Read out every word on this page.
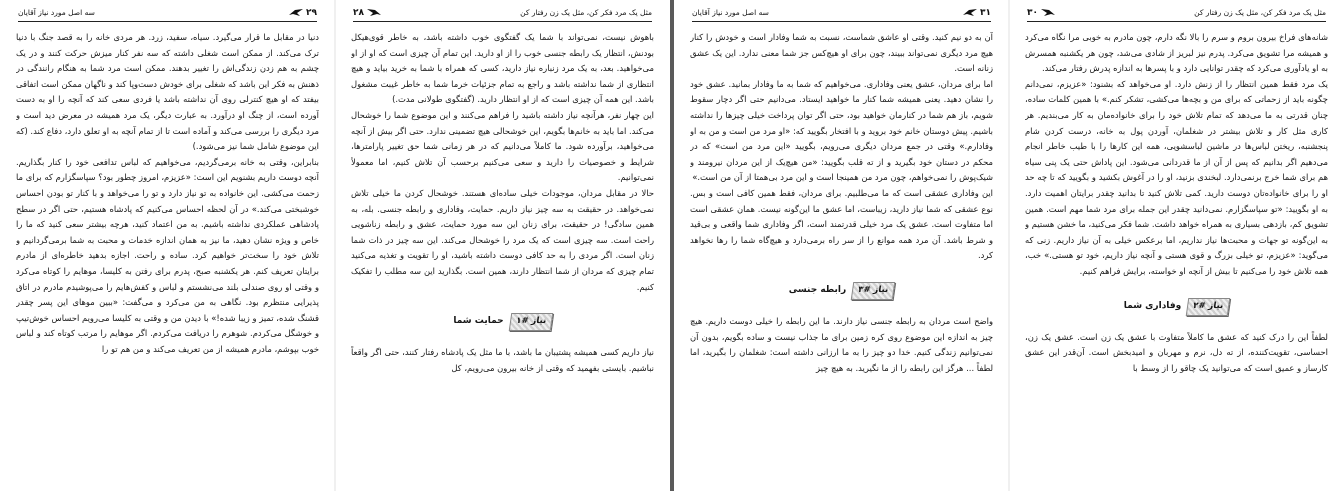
سه اصل مورد نیاز آقایان	۲۹

دنیا در مقابل ما قرار می‌گیرد. سیاه، سفید، زرد. هر مردی خانه را به قصد جنگ با دنیا ترک می‌کند. از ممکن است شغلی داشته که سه نفر کنار میزش حرکت کنند و در یک چشم به هم زدن زندگی‌اش را تغییر بدهند. ممکن است مرد شما به هنگام رانندگی در ذهنش به فکر این باشد که شغلی برای خودش دست‌وپا کند و ناگهان ممکن است اتفاقی بیفتد که او هیچ کنترلی روی آن نداشته باشد یا فردی سعی کند که آنچه را او به دست آورده است، از چنگ او درآورد. به عبارت دیگر، یک مرد همیشه در معرض دید است و مرد دیگری را بررسی می‌کند و آماده است تا از تمام آنچه به او تعلق دارد، دفاع کند. (که این موضوع شامل شما نیز می‌شود.)

بنابراین، وقتی به خانه برمی‌گردیم، می‌خواهیم که لباس تدافعی خود را کنار بگذاریم. آنچه دوست داریم بشنویم این است: «عزیزم، امروز چطور بود؟ سپاسگزارم که برای ما زحمت می‌کشی. این خانواده به تو نیاز دارد و تو را می‌خواهد و با کنار تو بودن احساس خوشبختی می‌کند.» در آن لحظه احساس می‌کنیم که پادشاه هستیم، حتی اگر در سطح پادشاهی عملکردی نداشته باشیم. به من اعتماد کنید، هرچه بیشتر سعی کنید که ما را خاص و ویژه نشان دهید، ما نیز به همان اندازه خدمات و محبت به شما برمی‌گردانیم و تلاش خود را سخت‌تر خواهیم کرد. ساده و راحت. اجازه بدهید خاطره‌ای از مادرم برایتان تعریف کنم. هر یکشنبه صبح، پدرم برای رفتن به کلیسا، موهایم را کوتاه می‌کرد و وقتی او روی صندلی بلند می‌نشستم و لباس و کفش‌هایم را می‌پوشیدم مادرم در اتاق پذیرایی منتظرم بود. نگاهی به من می‌کرد و می‌گفت: «ببین موهای این پسر چقدر قشنگ شده، تمیز و زیبا شده!» با دیدن من و وقتی به کلیسا می‌رویم احساس خوش‌تیپ و خوشگل می‌کردم. شوهرم را دریافت می‌کردم. اگر موهایم را مرتب کوتاه کند و لباس خوب بپوشم، مادرم همیشه از من تعریف می‌کند و من هم تو را

۲۸	مثل یک مرد فکر کن، مثل یک زن رفتار کن

باهوش نیست، نمی‌تواند با شما یک گفتگوی خوب داشته باشد، به خاطر قوی‌هیکل بودنش، انتظار یک رابطه جنسی خوب را از او دارید. این تمام آن چیزی است که او از او می‌خواهید. بعد، به یک مرد زنباره نیاز دارید، کسی که همراه با شما به خرید بیاید و هیچ انتظاری از شما نداشته باشد و راجع به تمام جزئیات خرما شما به خاطر غیبت مشغول باشد. این همه آن چیزی است که از او انتظار دارید. (گفتگوی طولانی مدت.)

این چهار نفر، هرآنچه نیاز داشته باشید را فراهم می‌کنند و این موضوع شما را خوشحال می‌کند. اما باید به خانم‌ها بگویم، این خوشحالی هیچ تضمینی ندارد. حتی اگر بیش از آنچه می‌خواهید، برآورده شود. ما کاملاً می‌دانیم که در هر زمانی شما حق تغییر پارامترها، شرایط و خصوصیات را دارید و سعی می‌کنیم برحسب آن تلاش کنیم، اما معمولاً نمی‌توانیم.

حالا در مقابل مردان، موجودات خیلی ساده‌ای هستند. خوشحال کردن ما خیلی تلاش نمی‌خواهد. در حقیقت به سه چیز نیاز داریم. حمایت، وفاداری و رابطه جنسی. بله، به همین سادگی! در حقیقت، برای زنان این سه مورد حمایت، عشق و رابطه زناشویی راحت است. سه چیزی است که یک مرد را خوشحال می‌کند. این سه چیز در ذات شما زنان است. اگر مردی را به حد کافی دوست داشته باشید، او را تقویت و تغذیه می‌کنید تمام چیزی که مردان از شما انتظار دارند، همین است. بگذارید این سه مطلب را تفکیک کنیم.

نیاز #۱
حمایت شما

نیاز داریم کسی همیشه پشتیبان ما باشد، با ما مثل یک پادشاه رفتار کنند، حتی اگر واقعاً نباشیم. بایستی بفهمید که وقتی از خانه بیرون می‌رویم، کل

سه اصل مورد نیاز آقایان	۳۱

آن به دو نیم کنید. وقتی او عاشق شماست، نسبت به شما وفادار است و خودش را کنار هیچ مرد دیگری نمی‌تواند ببیند، چون برای او هیچ‌کس جز شما معنی ندارد. این یک عشق زنانه است.

اما برای مردان، عشق یعنی وفاداری. می‌خواهیم که شما به ما وفادار بمانید. عشق خود را نشان دهید. یعنی همیشه شما کنار ما خواهید ایستاد. می‌دانیم حتی اگر دچار سقوط شویم، باز هم شما در کنارمان خواهید بود، حتی اگر توان پرداخت خیلی چیزها را نداشته باشیم. پیش دوستان خانم خود بروید و با افتخار بگویید که: «او مرد من است و من به او وفادارم.» وقتی در جمع مردان دیگری می‌رویم، بگویید «این مرد من است» که در محکم در دستان خود بگیرید و از ته قلب بگویید: «من هیچ‌یک از این مردان نیرومند و شیک‌پوش را نمی‌خواهم، چون مرد من همینجا است و این مرد بی‌همتا از آن من است.»

این وفاداری عشقی است که ما می‌طلبیم. برای مردان، فقط همین کافی است و بس. نوع عشقی که شما نیاز دارید، زیباست، اما عشق ما این‌گونه نیست. همان عشقی است اما متفاوت است. عشق یک مرد خیلی قدرتمند است، اگر وفاداری شما واقعی و بی‌قید و شرط باشد. آن مرد همه موانع را از سر راه برمی‌دارد و هیچ‌گاه شما را رها نخواهد کرد.

نیاز #۳
رابطه جنسی

واضح است مردان به رابطه جنسی نیاز دارند. ما این رابطه را خیلی دوست داریم. هیچ چیز به اندازه این موضوع روی کره زمین برای ما جذاب نیست و ساده بگویم، بدون آن نمی‌توانیم زندگی کنیم. خدا دو چیز را به ما ارزانی داشته است: شغلمان را بگیرید، اما لطفاً ... هرگز این رابطه را از ما نگیرید. به هیچ چیز

۳۰	مثل یک مرد فکر کن، مثل یک زن رفتار کن

شانه‌های فراخ بیرون بروم و سرم را بالا نگه دارم، چون مادرم به خوبی مرا نگاه می‌کرد و همیشه مرا تشویق می‌کرد. پدرم نیز لبریز از شادی می‌شد، چون هر یکشنبه همسرش به او یادآوری می‌کرد که چقدر توانایی دارد و با پسرها به اندازه پدرش رفتار می‌کند.

یک مرد فقط همین انتظار را از زنش دارد. او می‌خواهد که بشنود: «عزیزم، نمی‌دانم چگونه باید از زحماتی که برای من و بچه‌ها می‌کشی، تشکر کنم.» با همین کلمات ساده، چنان قدرتی به ما می‌دهد که تمام تلاش خود را برای خانواده‌مان به کار می‌بندیم. هر کاری مثل کار و تلاش بیشتر در شغلمان، آوردن پول به خانه، درست کردن شام پنجشنبه، ریختن لباس‌ها در ماشین لباسشویی، همه این کارها را با طیب خاطر انجام می‌دهیم اگر بدانیم که پس از آن از ما قدردانی می‌شود. این پاداش حتی یک پنی سیاه هم برای شما خرج برنمی‌دارد. لبخندی بزنید، او را در آغوش بکشید و بگویید که تا چه حد او را برای خانواده‌تان دوست دارید. کمی تلاش کنید تا بدانید چقدر برایتان اهمیت دارد. به او بگویید: «تو سپاسگزارم. نمی‌دانید چقدر این جمله برای مرد شما مهم است. همین تشویق کم، بازدهی بسیاری به همراه خواهد داشت. شما فکر می‌کنید، ما خشن هستیم و به این‌گونه تو جهات و محبت‌ها نیاز نداریم، اما برعکس خیلی به آن نیاز داریم. زنی که می‌گوید: «عزیزم، تو خیلی بزرگ و قوی هستی و آنچه نیاز داریم، خود تو هستی.» خب، همه تلاش خود را می‌کنیم تا بیش از آنچه او خواسته، برایش فراهم کنیم.

نیاز #۲
وفاداری شما

لطفاً این را درک کنید که عشق ما کاملاً متفاوت با عشق یک زن است. عشق یک زن، احساسی، تقویت‌کننده، از ته دل، نرم و مهربان و امیدبخش است. آن‌قدر این عشق کارساز و عمیق است که می‌توانید یک چاقو را از وسط با
